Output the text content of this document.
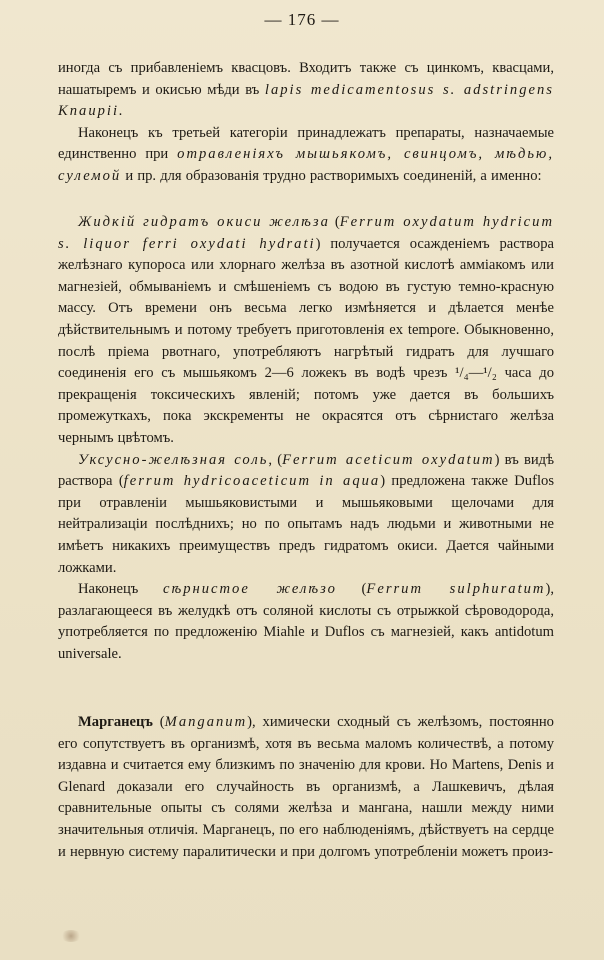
— 176 —

иногда съ прибавленіемъ квасцовъ. Входитъ также съ цинкомъ, квасцами, нашатыремъ и окисью мѣди въ lapis medicamentosus s. adstringens Knaupii.

Наконецъ къ третьей категоріи принадлежатъ препараты, назначаемые единственно при отравленіяхъ мышьякомъ, свинцомъ, мѣдью, сулемой и пр. для образованія трудно растворимыхъ соединеній, а именно:

Жидкій гидратъ окиси желѣза (Ferrum oxydatum hydricum s. liquor ferri oxydati hydrati) получается осажденіемъ раствора желѣзнаго купороса или хлорнаго желѣза въ азотной кислотѣ амміакомъ или магнезіей, обмываніемъ и смѣшеніемъ съ водою въ густую темно-красную массу. Отъ времени онъ весьма легко измѣняется и дѣлается менѣе дѣйствительнымъ и потому требуетъ приготовленія ex tempore. Обыкновенно, послѣ пріема рвотнаго, употребляютъ нагрѣтый гидратъ для лучшаго соединенія его съ мышьякомъ 2—6 ложекъ въ водѣ чрезъ ¹/₄—¹/₂ часа до прекращенія токсическихъ явленій; потомъ уже дается въ большихъ промежуткахъ, пока экскременты не окрасятся отъ сѣрнистаго желѣза чернымъ цвѣтомъ.

Уксусно-желѣзная соль, (Ferrum aceticum oxydatum) въ видѣ раствора (ferrum hydricoaceticum in aqua) предложена также Duflos при отравленіи мышьяковистыми и мышьяковыми щелочами для нейтрализаціи послѣднихъ; но по опытамъ надъ людьми и животными не имѣетъ никакихъ преимуществъ предъ гидратомъ окиси. Дается чайными ложками.

Наконецъ сѣрнистое желѣзо (Ferrum sulphuratum), разлагающееся въ желудкѣ отъ соляной кислоты съ отрыжкой сѣроводорода, употребляется по предложенію Miahle и Duflos съ магнезіей, какъ antidotum universale.

Марганецъ (Manganum), химически сходный съ желѣзомъ, постоянно его сопутствуетъ въ организмѣ, хотя въ весьма маломъ количествѣ, а потому издавна и считается ему близкимъ по значенію для крови. Но Martens, Denis и Glenard доказали его случайность въ организмѣ, а Лашкевичъ, дѣлая сравнительные опыты съ солями желѣза и мангана, нашли между ними значительныя отличія. Марганецъ, по его наблюденіямъ, дѣйствуетъ на сердце и нервную систему паралитически и при долгомъ употребленіи можетъ произ-
